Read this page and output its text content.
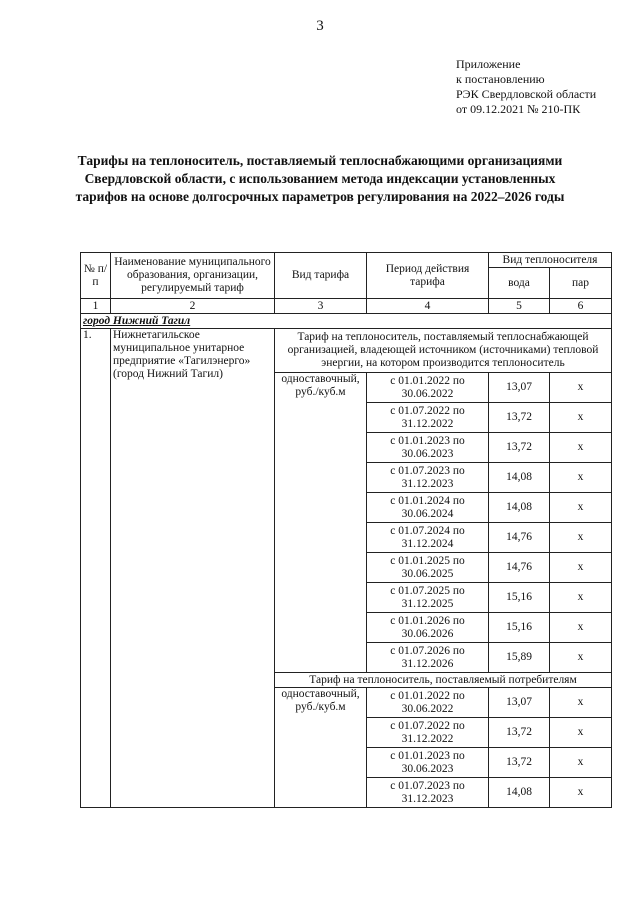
3
Приложение
к постановлению
РЭК Свердловской области
от 09.12.2021 № 210-ПК
Тарифы на теплоноситель, поставляемый теплоснабжающими организациями Свердловской области, с использованием метода индексации установленных тарифов на основе долгосрочных параметров регулирования на 2022–2026 годы
№ п/п	Наименование муниципального образования, организации, регулируемый тариф	Вид тарифа	Период действия тарифа	Вид теплоносителя	
				вода	пар
1	2	3	4	5	6
город Нижний Тагил					
1.	Нижнетагильское муниципальное унитарное предприятие «Тагилэнерго» (город Нижний Тагил)	Тариф на теплоноситель, поставляемый теплоснабжающей организацией, владеющей источником (источниками) тепловой энергии, на котором производится теплоноситель			
		одноставочный, руб./куб.м	с 01.01.2022 по 30.06.2022	13,07	х
			с 01.07.2022 по 31.12.2022	13,72	х
			с 01.01.2023 по 30.06.2023	13,72	х
			с 01.07.2023 по 31.12.2023	14,08	х
			с 01.01.2024 по 30.06.2024	14,08	х
			с 01.07.2024 по 31.12.2024	14,76	х
			с 01.01.2025 по 30.06.2025	14,76	х
			с 01.07.2025 по 31.12.2025	15,16	х
			с 01.01.2026 по 30.06.2026	15,16	х
			с 01.07.2026 по 31.12.2026	15,89	х
		Тариф на теплоноситель, поставляемый потребителям			
		одноставочный, руб./куб.м	с 01.01.2022 по 30.06.2022	13,07	х
			с 01.07.2022 по 31.12.2022	13,72	х
			с 01.01.2023 по 30.06.2023	13,72	х
			с 01.07.2023 по 31.12.2023	14,08	х
